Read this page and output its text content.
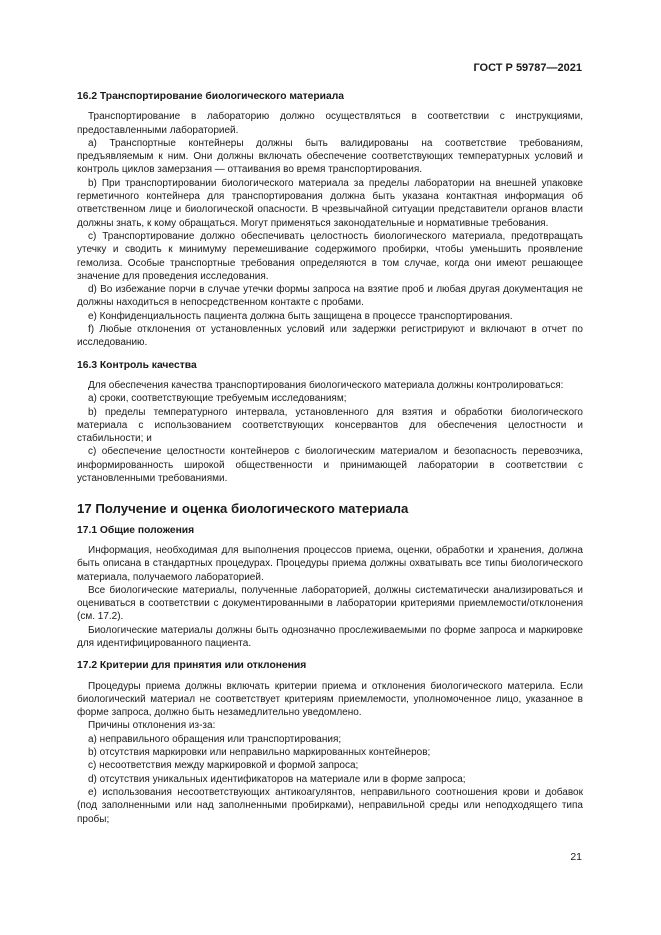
ГОСТ Р 59787—2021
16.2 Транспортирование биологического материала

Транспортирование в лабораторию должно осуществляться в соответствии с инструкциями, предоставленными лабораторией.

a) Транспортные контейнеры должны быть валидированы на соответствие требованиям, предъявляемым к ним. Они должны включать обеспечение соответствующих температурных условий и контроль циклов замерзания — оттаивания во время транспортирования.

b) При транспортировании биологического материала за пределы лаборатории на внешней упаковке герметичного контейнера для транспортирования должна быть указана контактная информация об ответственном лице и биологической опасности. В чрезвычайной ситуации представители органов власти должны знать, к кому обращаться. Могут применяться законодательные и нормативные требования.

c) Транспортирование должно обеспечивать целостность биологического материала, предотвращать утечку и сводить к минимуму перемешивание содержимого пробирки, чтобы уменьшить проявление гемолиза. Особые транспортные требования определяются в том случае, когда они имеют решающее значение для проведения исследования.

d) Во избежание порчи в случае утечки формы запроса на взятие проб и любая другая документация не должны находиться в непосредственном контакте с пробами.

e) Конфиденциальность пациента должна быть защищена в процессе транспортирования.

f) Любые отклонения от установленных условий или задержки регистрируют и включают в отчет по исследованию.

16.3 Контроль качества

Для обеспечения качества транспортирования биологического материала должны контролироваться:

a) сроки, соответствующие требуемым исследованиям;

b) пределы температурного интервала, установленного для взятия и обработки биологического материала с использованием соответствующих консервантов для обеспечения целостности и стабильности; и

c) обеспечение целостности контейнеров с биологическим материалом и безопасность перевозчика, информированность широкой общественности и принимающей лаборатории в соответствии с установленными требованиями.

17 Получение и оценка биологического материала
17.1 Общие положения

Информация, необходимая для выполнения процессов приема, оценки, обработки и хранения, должна быть описана в стандартных процедурах. Процедуры приема должны охватывать все типы биологического материала, получаемого лабораторией.

Все биологические материалы, полученные лабораторией, должны систематически анализироваться и оцениваться в соответствии с документированными в лаборатории критериями приемлемости/отклонения (см. 17.2).

Биологические материалы должны быть однозначно прослеживаемыми по форме запроса и маркировке для идентифицированного пациента.

17.2 Критерии для принятия или отклонения

Процедуры приема должны включать критерии приема и отклонения биологического материла. Если биологический материал не соответствует критериям приемлемости, уполномоченное лицо, указанное в форме запроса, должно быть незамедлительно уведомлено.

Причины отклонения из-за:

a) неправильного обращения или транспортирования;

b) отсутствия маркировки или неправильно маркированных контейнеров;

c) несоответствия между маркировкой и формой запроса;

d) отсутствия уникальных идентификаторов на материале или в форме запроса;

e) использования несоответствующих антикоагулянтов, неправильного соотношения крови и добавок (под заполненными или над заполненными пробирками), неправильной среды или неподходящего типа пробы;

21
